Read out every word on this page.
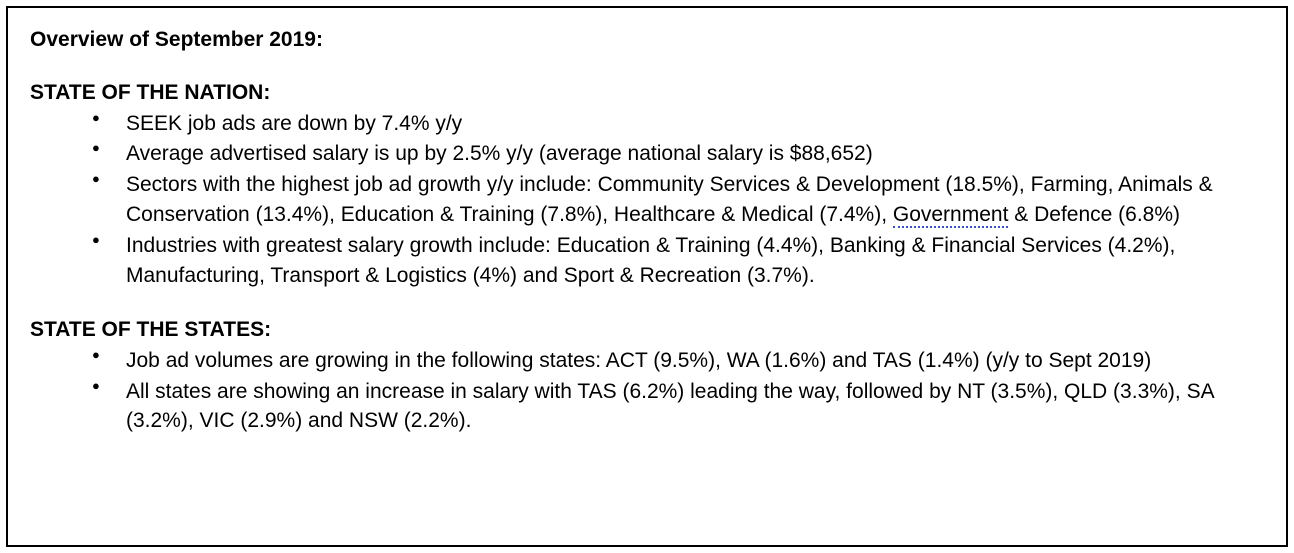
Overview of September 2019:

STATE OF THE NATION:
● SEEK job ads are down by 7.4% y/y
● Average advertised salary is up by 2.5% y/y (average national salary is $88,652)
● Sectors with the highest job ad growth y/y include: Community Services & Development (18.5%), Farming, Animals & Conservation (13.4%), Education & Training (7.8%), Healthcare & Medical (7.4%), Government & Defence (6.8%)
● Industries with greatest salary growth include: Education & Training (4.4%), Banking & Financial Services (4.2%), Manufacturing, Transport & Logistics (4%) and Sport & Recreation (3.7%).
STATE OF THE STATES:
● Job ad volumes are growing in the following states: ACT (9.5%), WA (1.6%) and TAS (1.4%) (y/y to Sept 2019)
● All states are showing an increase in salary with TAS (6.2%) leading the way, followed by NT (3.5%), QLD (3.3%), SA (3.2%), VIC (2.9%) and NSW (2.2%).
